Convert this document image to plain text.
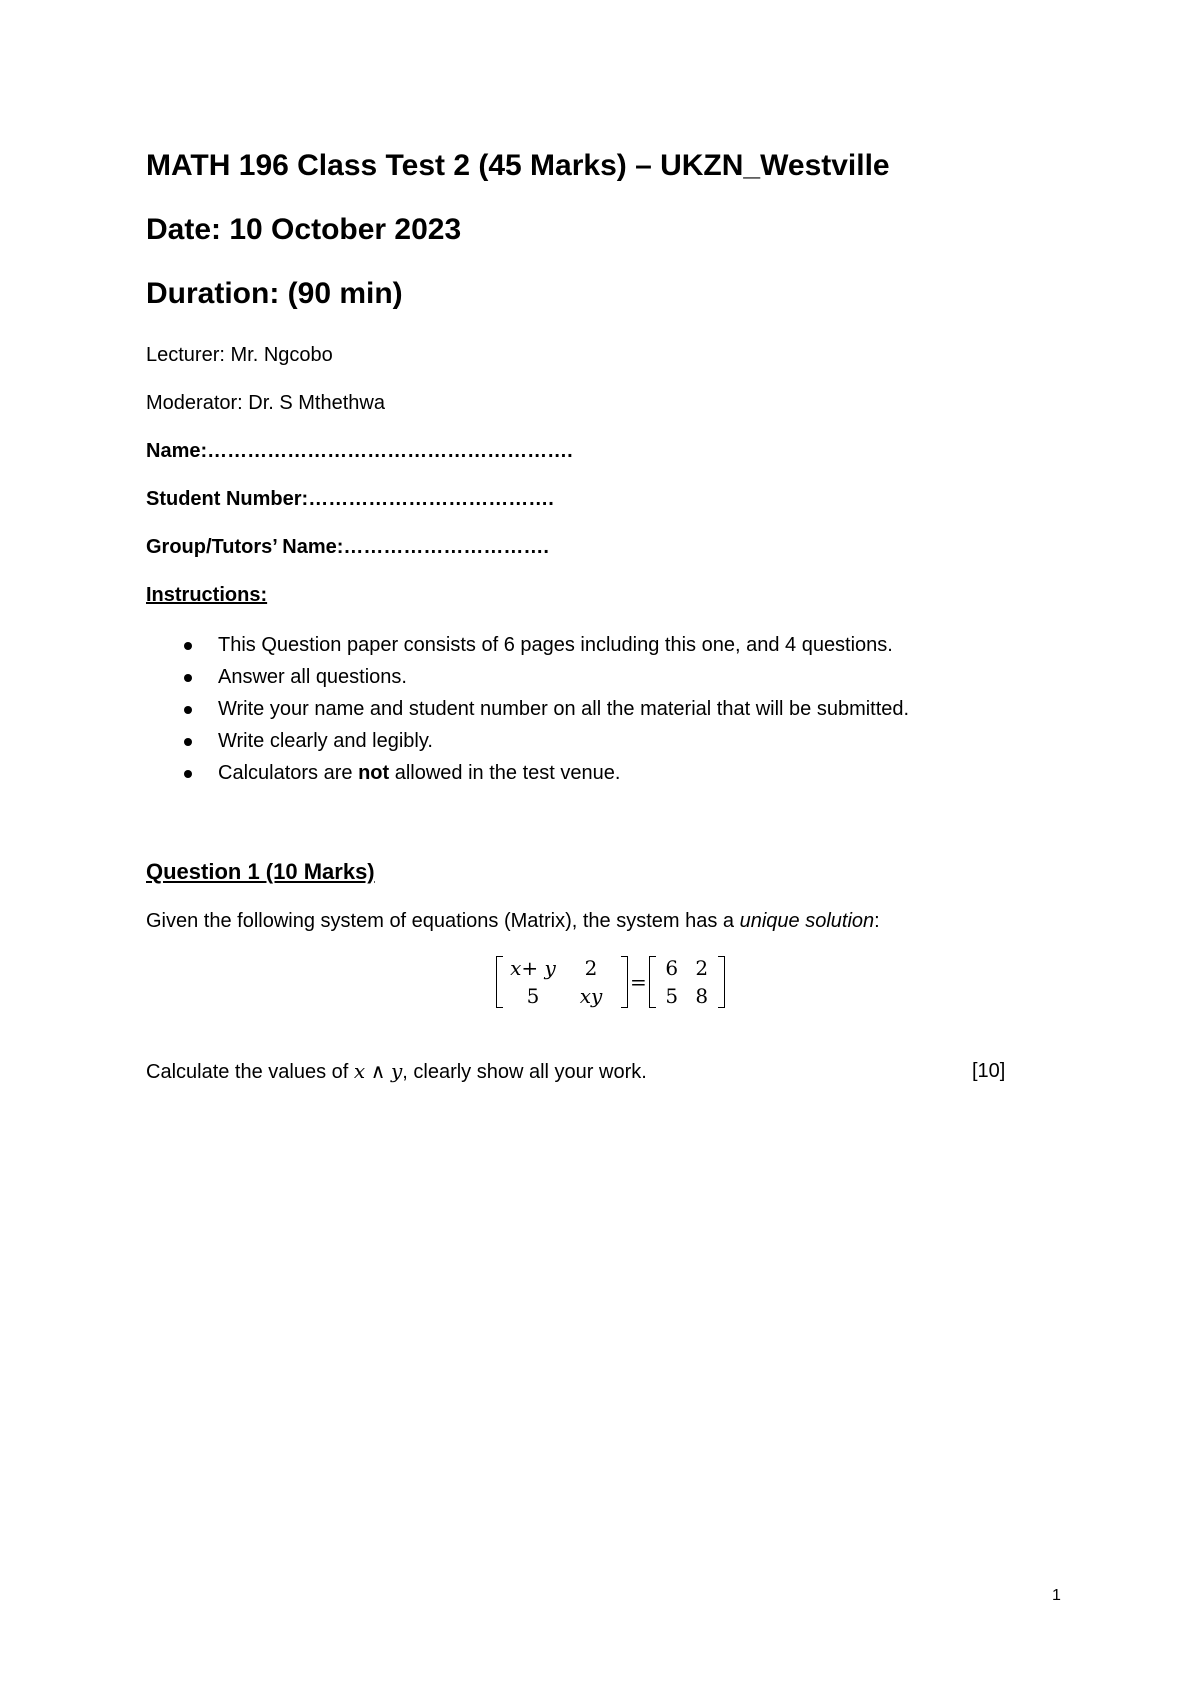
MATH 196 Class Test 2 (45 Marks) – UKZN_Westville
Date: 10 October 2023
Duration: (90 min)
Lecturer: Mr. Ngcobo
Moderator: Dr. S Mthethwa
Name:……………………………………………….
Student Number:……………………………….
Group/Tutors’ Name:………………………….
Instructions:
This Question paper consists of 6 pages including this one, and 4 questions.
Answer all questions.
Write your name and student number on all the material that will be submitted.
Write clearly and legibly.
Calculators are not allowed in the test venue.
Question 1 (10 Marks)
Given the following system of equations (Matrix), the system has a unique solution:
x+ y	2
5	xy
=
6 2
5 8
Calculate the values of x ∧ y, clearly show all your work.	[10]
1
